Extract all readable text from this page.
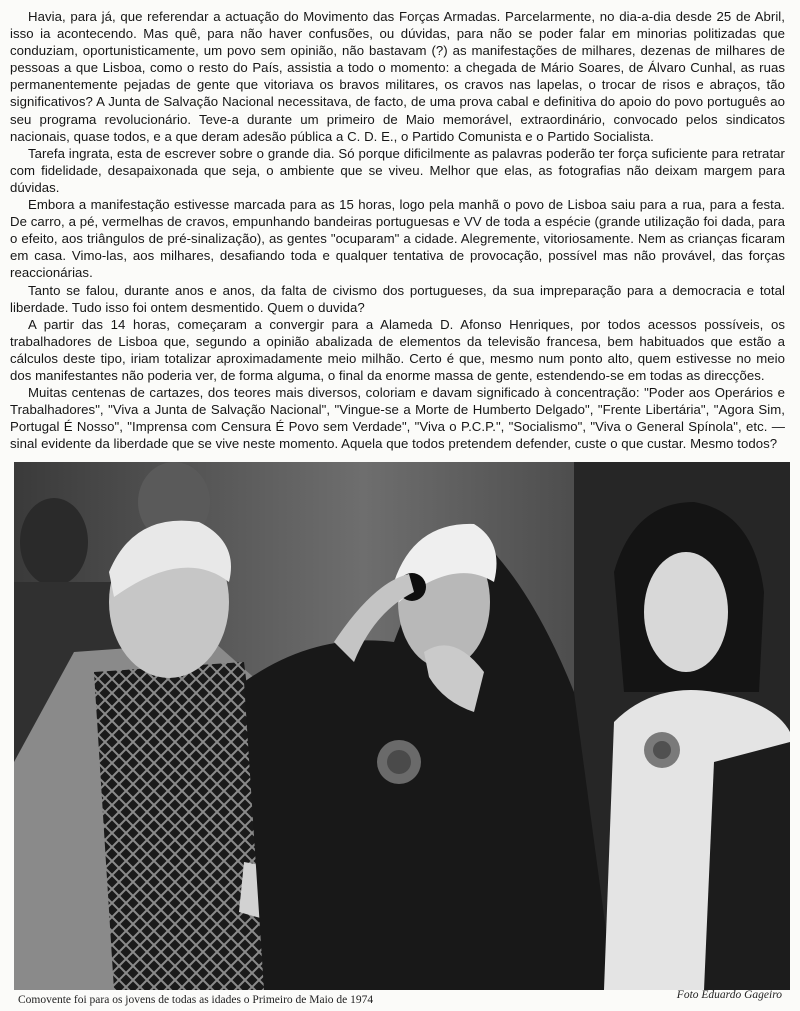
Havia, para já, que referendar a actuação do Movimento das Forças Armadas. Parcelarmente, no dia-a-dia desde 25 de Abril, isso ia acontecendo. Mas quê, para não haver confusões, ou dúvidas, para não se poder falar em minorias politizadas que conduziam, oportunisticamente, um povo sem opinião, não bastavam (?) as manifestações de milhares, dezenas de milhares de pessoas a que Lisboa, como o resto do País, assistia a todo o momento: a chegada de Mário Soares, de Álvaro Cunhal, as ruas permanentemente pejadas de gente que vitoriava os bravos militares, os cravos nas lapelas, o trocar de risos e abraços, tão significativos? A Junta de Salvação Nacional necessitava, de facto, de uma prova cabal e definitiva do apoio do povo português ao seu programa revolucionário. Teve-a durante um primeiro de Maio memorável, extraordinário, convocado pelos sindicatos nacionais, quase todos, e a que deram adesão pública a C. D. E., o Partido Comunista e o Partido Socialista.

Tarefa ingrata, esta de escrever sobre o grande dia. Só porque dificilmente as palavras poderão ter força suficiente para retratar com fidelidade, desapaixonada que seja, o ambiente que se viveu. Melhor que elas, as fotografias não deixam margem para dúvidas.

Embora a manifestação estivesse marcada para as 15 horas, logo pela manhã o povo de Lisboa saiu para a rua, para a festa. De carro, a pé, vermelhas de cravos, empunhando bandeiras portuguesas e VV de toda a espécie (grande utilização foi dada, para o efeito, aos triângulos de pré-sinalização), as gentes "ocuparam" a cidade. Alegremente, vitoriosamente. Nem as crianças ficaram em casa. Vimo-las, aos milhares, desafiando toda e qualquer tentativa de provocação, possível mas não provável, das forças reaccionárias.

Tanto se falou, durante anos e anos, da falta de civismo dos portugueses, da sua impreparação para a democracia e total liberdade. Tudo isso foi ontem desmentido. Quem o duvida?

A partir das 14 horas, começaram a convergir para a Alameda D. Afonso Henriques, por todos acessos possíveis, os trabalhadores de Lisboa que, segundo a opinião abalizada de elementos da televisão francesa, bem habituados que estão a cálculos deste tipo, iriam totalizar aproximadamente meio milhão. Certo é que, mesmo num ponto alto, quem estivesse no meio dos manifestantes não poderia ver, de forma alguma, o final da enorme massa de gente, estendendo-se em todas as direcções.

Muitas centenas de cartazes, dos teores mais diversos, coloriam e davam significado à concentração: "Poder aos Operários e Trabalhadores", "Viva a Junta de Salvação Nacional", "Vingue-se a Morte de Humberto Delgado", "Frente Libertária", "Agora Sim, Portugal É Nosso", "Imprensa com Censura É Povo sem Verdade", "Viva o P.C.P.", "Socialismo", "Viva o General Spínola", etc. — sinal evidente da liberdade que se vive neste momento. Aquela que todos pretendem defender, custe o que custar. Mesmo todos?

Comovente foi para os jovens de todas as idades o Primeiro de Maio de 1974	Foto Eduardo Gageiro
